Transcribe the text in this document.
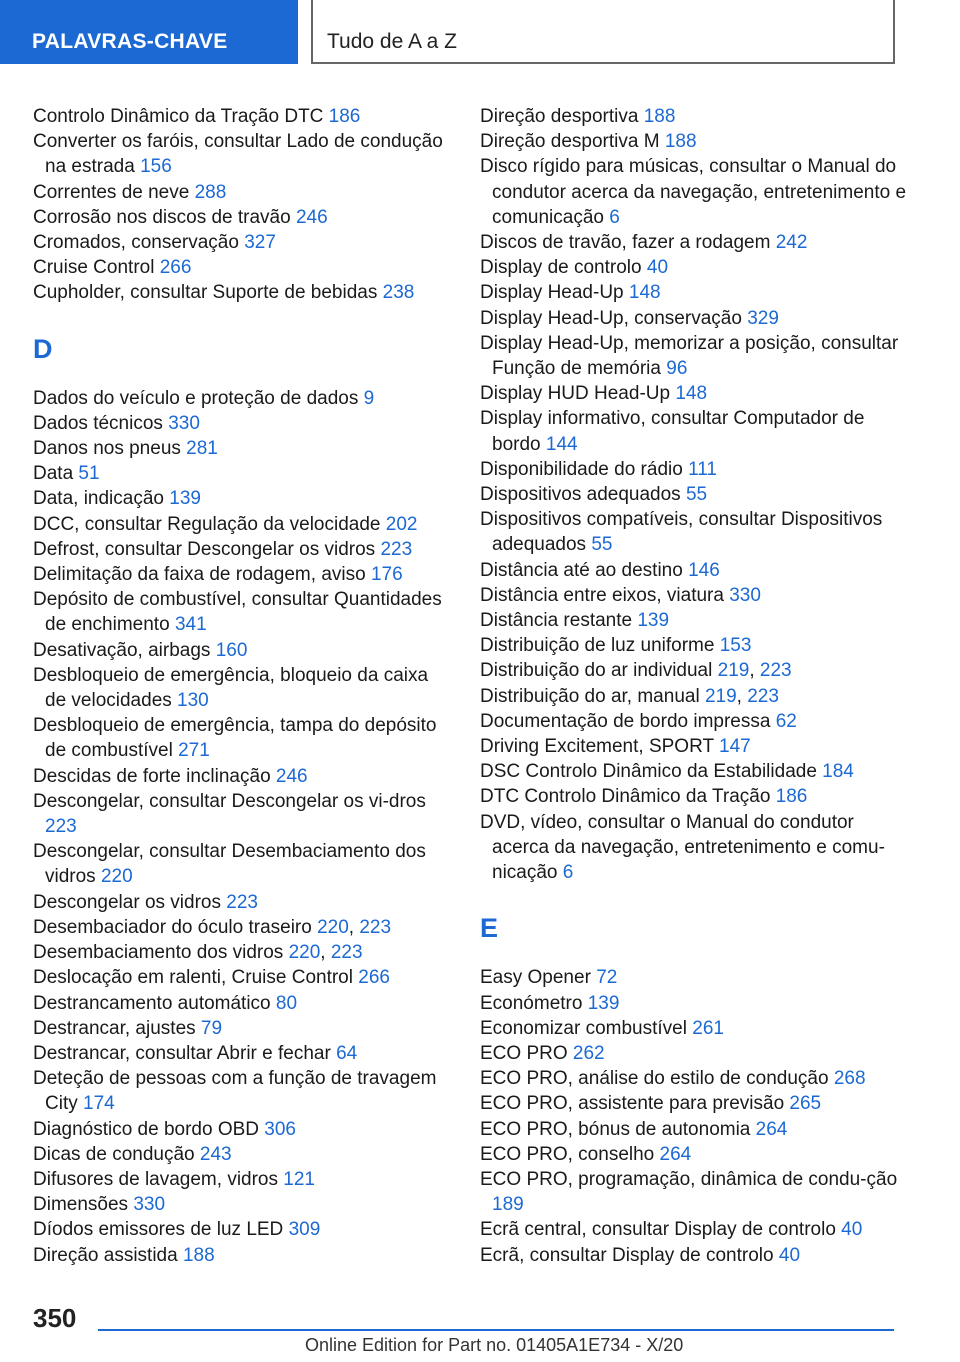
PALAVRAS-CHAVE	Tudo de A a Z
Controlo Dinâmico da Tração DTC 186
Converter os faróis, consultar Lado de condução na estrada 156
Correntes de neve 288
Corrosão nos discos de travão 246
Cromados, conservação 327
Cruise Control 266
Cupholder, consultar Suporte de bebidas 238
D
Dados do veículo e proteção de dados 9
Dados técnicos 330
Danos nos pneus 281
Data 51
Data, indicação 139
DCC, consultar Regulação da velocidade 202
Defrost, consultar Descongelar os vidros 223
Delimitação da faixa de rodagem, aviso 176
Depósito de combustível, consultar Quantidades de enchimento 341
Desativação, airbags 160
Desbloqueio de emergência, bloqueio da caixa de velocidades 130
Desbloqueio de emergência, tampa do depósito de combustível 271
Descidas de forte inclinação 246
Descongelar, consultar Descongelar os vi-​dros 223
Descongelar, consultar Desembaciamento dos vidros 220
Descongelar os vidros 223
Desembaciador do óculo traseiro 220, 223
Desembaciamento dos vidros 220, 223
Deslocação em ralenti, Cruise Control 266
Destrancamento automático 80
Destrancar, ajustes 79
Destrancar, consultar Abrir e fechar 64
Deteção de pessoas com a função de travagem City 174
Diagnóstico de bordo OBD 306
Dicas de condução 243
Difusores de lavagem, vidros 121
Dimensões 330
Díodos emissores de luz LED 309
Direção assistida 188
Direção desportiva 188
Direção desportiva M 188
Disco rígido para músicas, consultar o Manual do condutor acerca da navegação, entretenimento e comunicação 6
Discos de travão, fazer a rodagem 242
Display de controlo 40
Display Head-Up 148
Display Head-Up, conservação 329
Display Head-Up, memorizar a posição, consultar Função de memória 96
Display HUD Head-Up 148
Display informativo, consultar Computador de bordo 144
Disponibilidade do rádio 111
Dispositivos adequados 55
Dispositivos compatíveis, consultar Dispositivos adequados 55
Distância até ao destino 146
Distância entre eixos, viatura 330
Distância restante 139
Distribuição de luz uniforme 153
Distribuição do ar individual 219, 223
Distribuição do ar, manual 219, 223
Documentação de bordo impressa 62
Driving Excitement, SPORT 147
DSC Controlo Dinâmico da Estabilidade 184
DTC Controlo Dinâmico da Tração 186
DVD, vídeo, consultar o Manual do condutor acerca da navegação, entretenimento e comu-​nicação 6
E
Easy Opener 72
Económetro 139
Economizar combustível 261
ECO PRO 262
ECO PRO, análise do estilo de condução 268
ECO PRO, assistente para previsão 265
ECO PRO, bónus de autonomia 264
ECO PRO, conselho 264
ECO PRO, programação, dinâmica de condu-​ção 189
Ecrã central, consultar Display de controlo 40
Ecrã, consultar Display de controlo 40
350
Online Edition for Part no. 01405A1E734 - X/20
